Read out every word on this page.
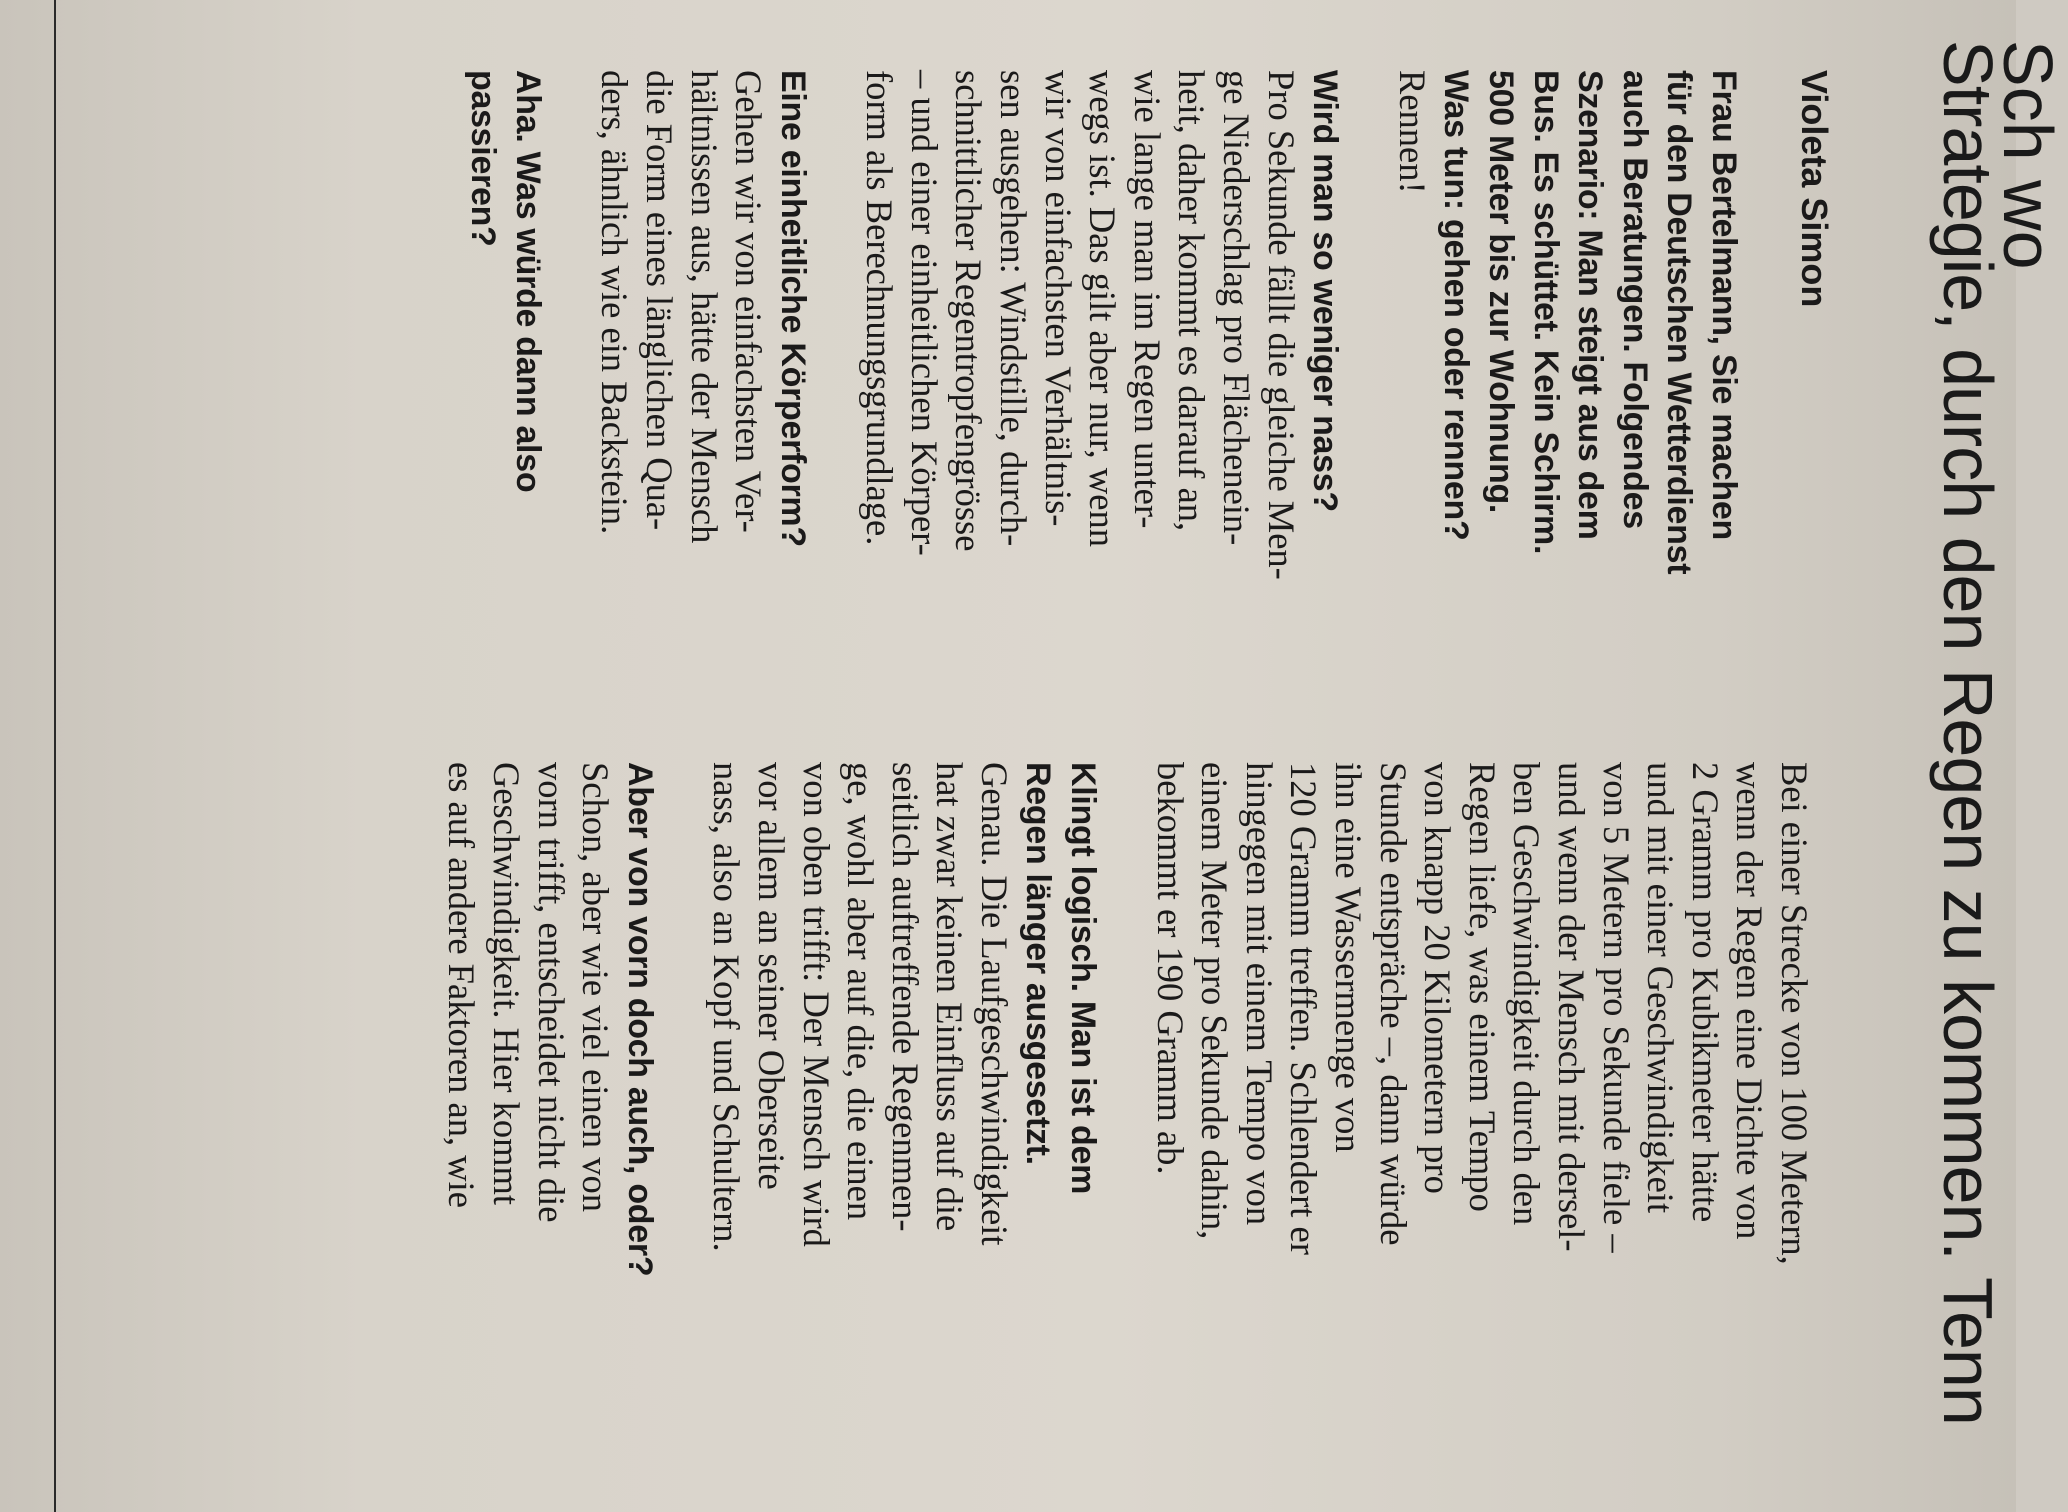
Sch wo
Strategie, durch den Regen zu kommen. Tenn
Violeta Simon

Frau Bertelmann, Sie machen

für den Deutschen Wetterdienst

auch Beratungen. Folgendes

Szenario: Man steigt aus dem

Bus. Es schüttet. Kein Schirm.

500 Meter bis zur Wohnung.

Was tun: gehen oder rennen?

Rennen!

Wird man so weniger nass?

Pro Sekunde fällt die gleiche Men-

ge Niederschlag pro Flächenein-

heit, daher kommt es darauf an,

wie lange man im Regen unter-

wegs ist. Das gilt aber nur, wenn

wir von einfachsten Verhältnis-

sen ausgehen: Windstille, durch-

schnittlicher Regentropfengrösse

– und einer einheitlichen Körper-

form als Berechnungsgrundlage.

Eine einheitliche Körperform?

Gehen wir von einfachsten Ver-

hältnissen aus, hätte der Mensch

die Form eines länglichen Qua-

ders, ähnlich wie ein Backstein.

Aha. Was würde dann also

passieren?

Bei einer Strecke von 100 Metern,

wenn der Regen eine Dichte von

2 Gramm pro Kubikmeter hätte

und mit einer Geschwindigkeit

von 5 Metern pro Sekunde fiele –

und wenn der Mensch mit dersel-

ben Geschwindigkeit durch den

Regen liefe, was einem Tempo

von knapp 20 Kilometern pro

Stunde entspräche –, dann würde

ihn eine Wassermenge von

120 Gramm treffen. Schlendert er

hingegen mit einem Tempo von

einem Meter pro Sekunde dahin,

bekommt er 190 Gramm ab.

Klingt logisch. Man ist dem

Regen länger ausgesetzt.

Genau. Die Laufgeschwindigkeit

hat zwar keinen Einfluss auf die

seitlich auftreffende Regenmen-

ge, wohl aber auf die, die einen

von oben trifft: Der Mensch wird

vor allem an seiner Oberseite

nass, also an Kopf und Schultern.

Aber von vorn doch auch, oder?

Schon, aber wie viel einen von

vorn trifft, entscheidet nicht die

Geschwindigkeit. Hier kommt

es auf andere Faktoren an, wie
